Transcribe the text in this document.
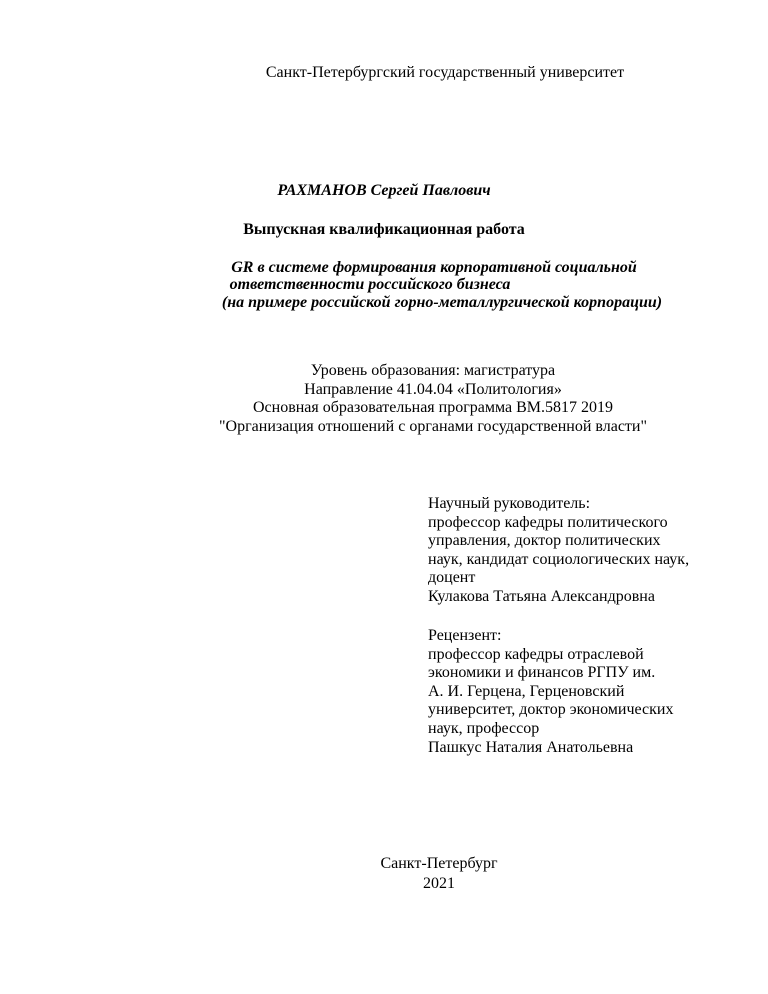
Санкт-Петербургский государственный университет
РАХМАНОВ Сергей Павлович
Выпускная квалификационная работа
GR в системе формирования корпоративной социальной
ответственности российского бизнеса
(на примере российской горно-металлургической корпорации)
Уровень образования: магистратура
Направление 41.04.04 «Политология»
Основная образовательная программа ВМ.5817 2019
"Организация отношений с органами государственной власти"
Научный руководитель:
профессор кафедры политического
управления, доктор политических
наук, кандидат социологических наук,
доцент
Кулакова Татьяна Александровна
Рецензент:
профессор кафедры отраслевой
экономики и финансов РГПУ им.
А. И. Герцена, Герценовский
университет, доктор экономических
наук, профессор
Пашкус Наталия Анатольевна
Санкт-Петербург
2021
